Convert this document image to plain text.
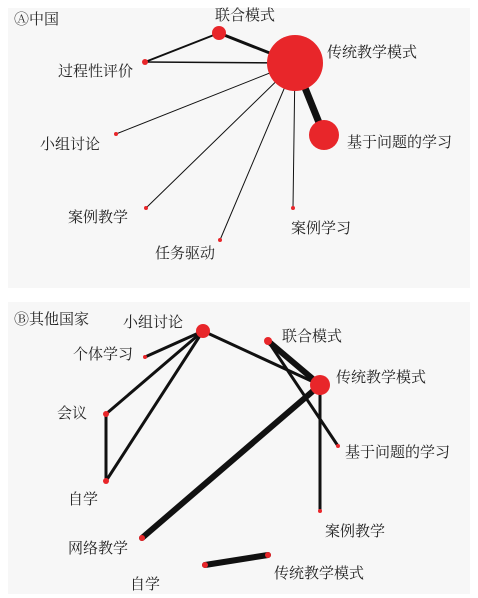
Ⓐ中国	联合模式
过程性评价
传统教学模式
基于问题的学习
小组讨论
案例教学
案例学习
任务驱动
Ⓑ其他国家 小组讨论
个体学习
联合模式
传统教学模式
会议
基于问题的学习
自学
案例教学
网络教学
自学
传统教学模式
